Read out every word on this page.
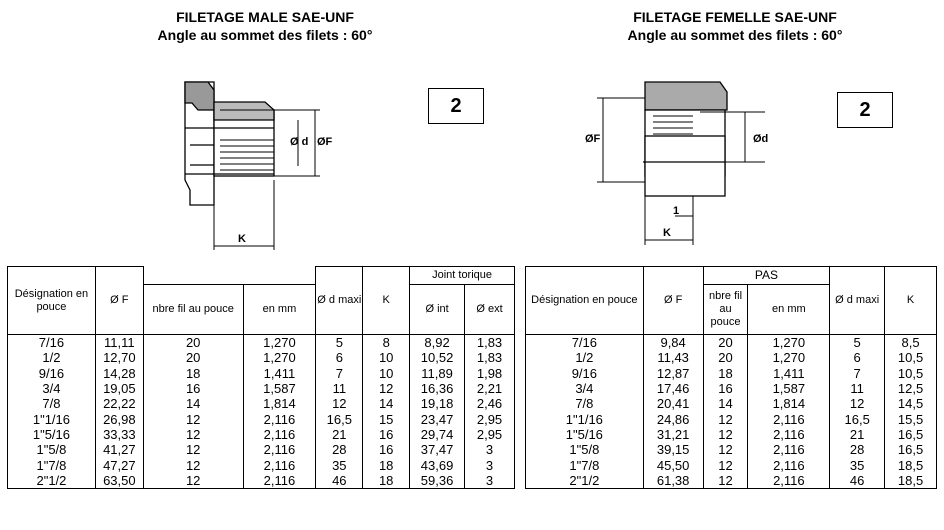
FILETAGE MALE SAE-UNF
Angle au sommet des filets : 60°
FILETAGE FEMELLE SAE-UNF
Angle au sommet des filets : 60°
2	2
Ø d ØF
K
ØF	Ød
1
K
Désignation en pouce	Ø F			Ø d maxi	K	Joint torique	
		nbre fil au pouce	en mm			Ø int	Ø ext

7/16	11,11	20	1,270	5	8	8,92	1,83
1/2	12,70	20	1,270	6	10	10,52	1,83
9/16	14,28	18	1,411	7	10	11,89	1,98
3/4	19,05	16	1,587	11	12	16,36	2,21
7/8	22,22	14	1,814	12	14	19,18	2,46
1"1/16	26,98	12	2,116	16,5	15	23,47	2,95
1"5/16	33,33	12	2,116	21	16	29,74	2,95
1"5/8	41,27	12	2,116	28	16	37,47	3
1"7/8	47,27	12	2,116	35	18	43,69	3
2"1/2	63,50	12	2,116	46	18	59,36	3
Désignation en pouce	Ø F	PAS		Ø d maxi	K
		nbre fil au pouce	en mm		

7/16	9,84	20	1,270	5	8,5
1/2	11,43	20	1,270	6	10,5
9/16	12,87	18	1,411	7	10,5
3/4	17,46	16	1,587	11	12,5
7/8	20,41	14	1,814	12	14,5
1"1/16	24,86	12	2,116	16,5	15,5
1"5/16	31,21	12	2,116	21	16,5
1"5/8	39,15	12	2,116	28	16,5
1"7/8	45,50	12	2,116	35	18,5
2"1/2	61,38	12	2,116	46	18,5
